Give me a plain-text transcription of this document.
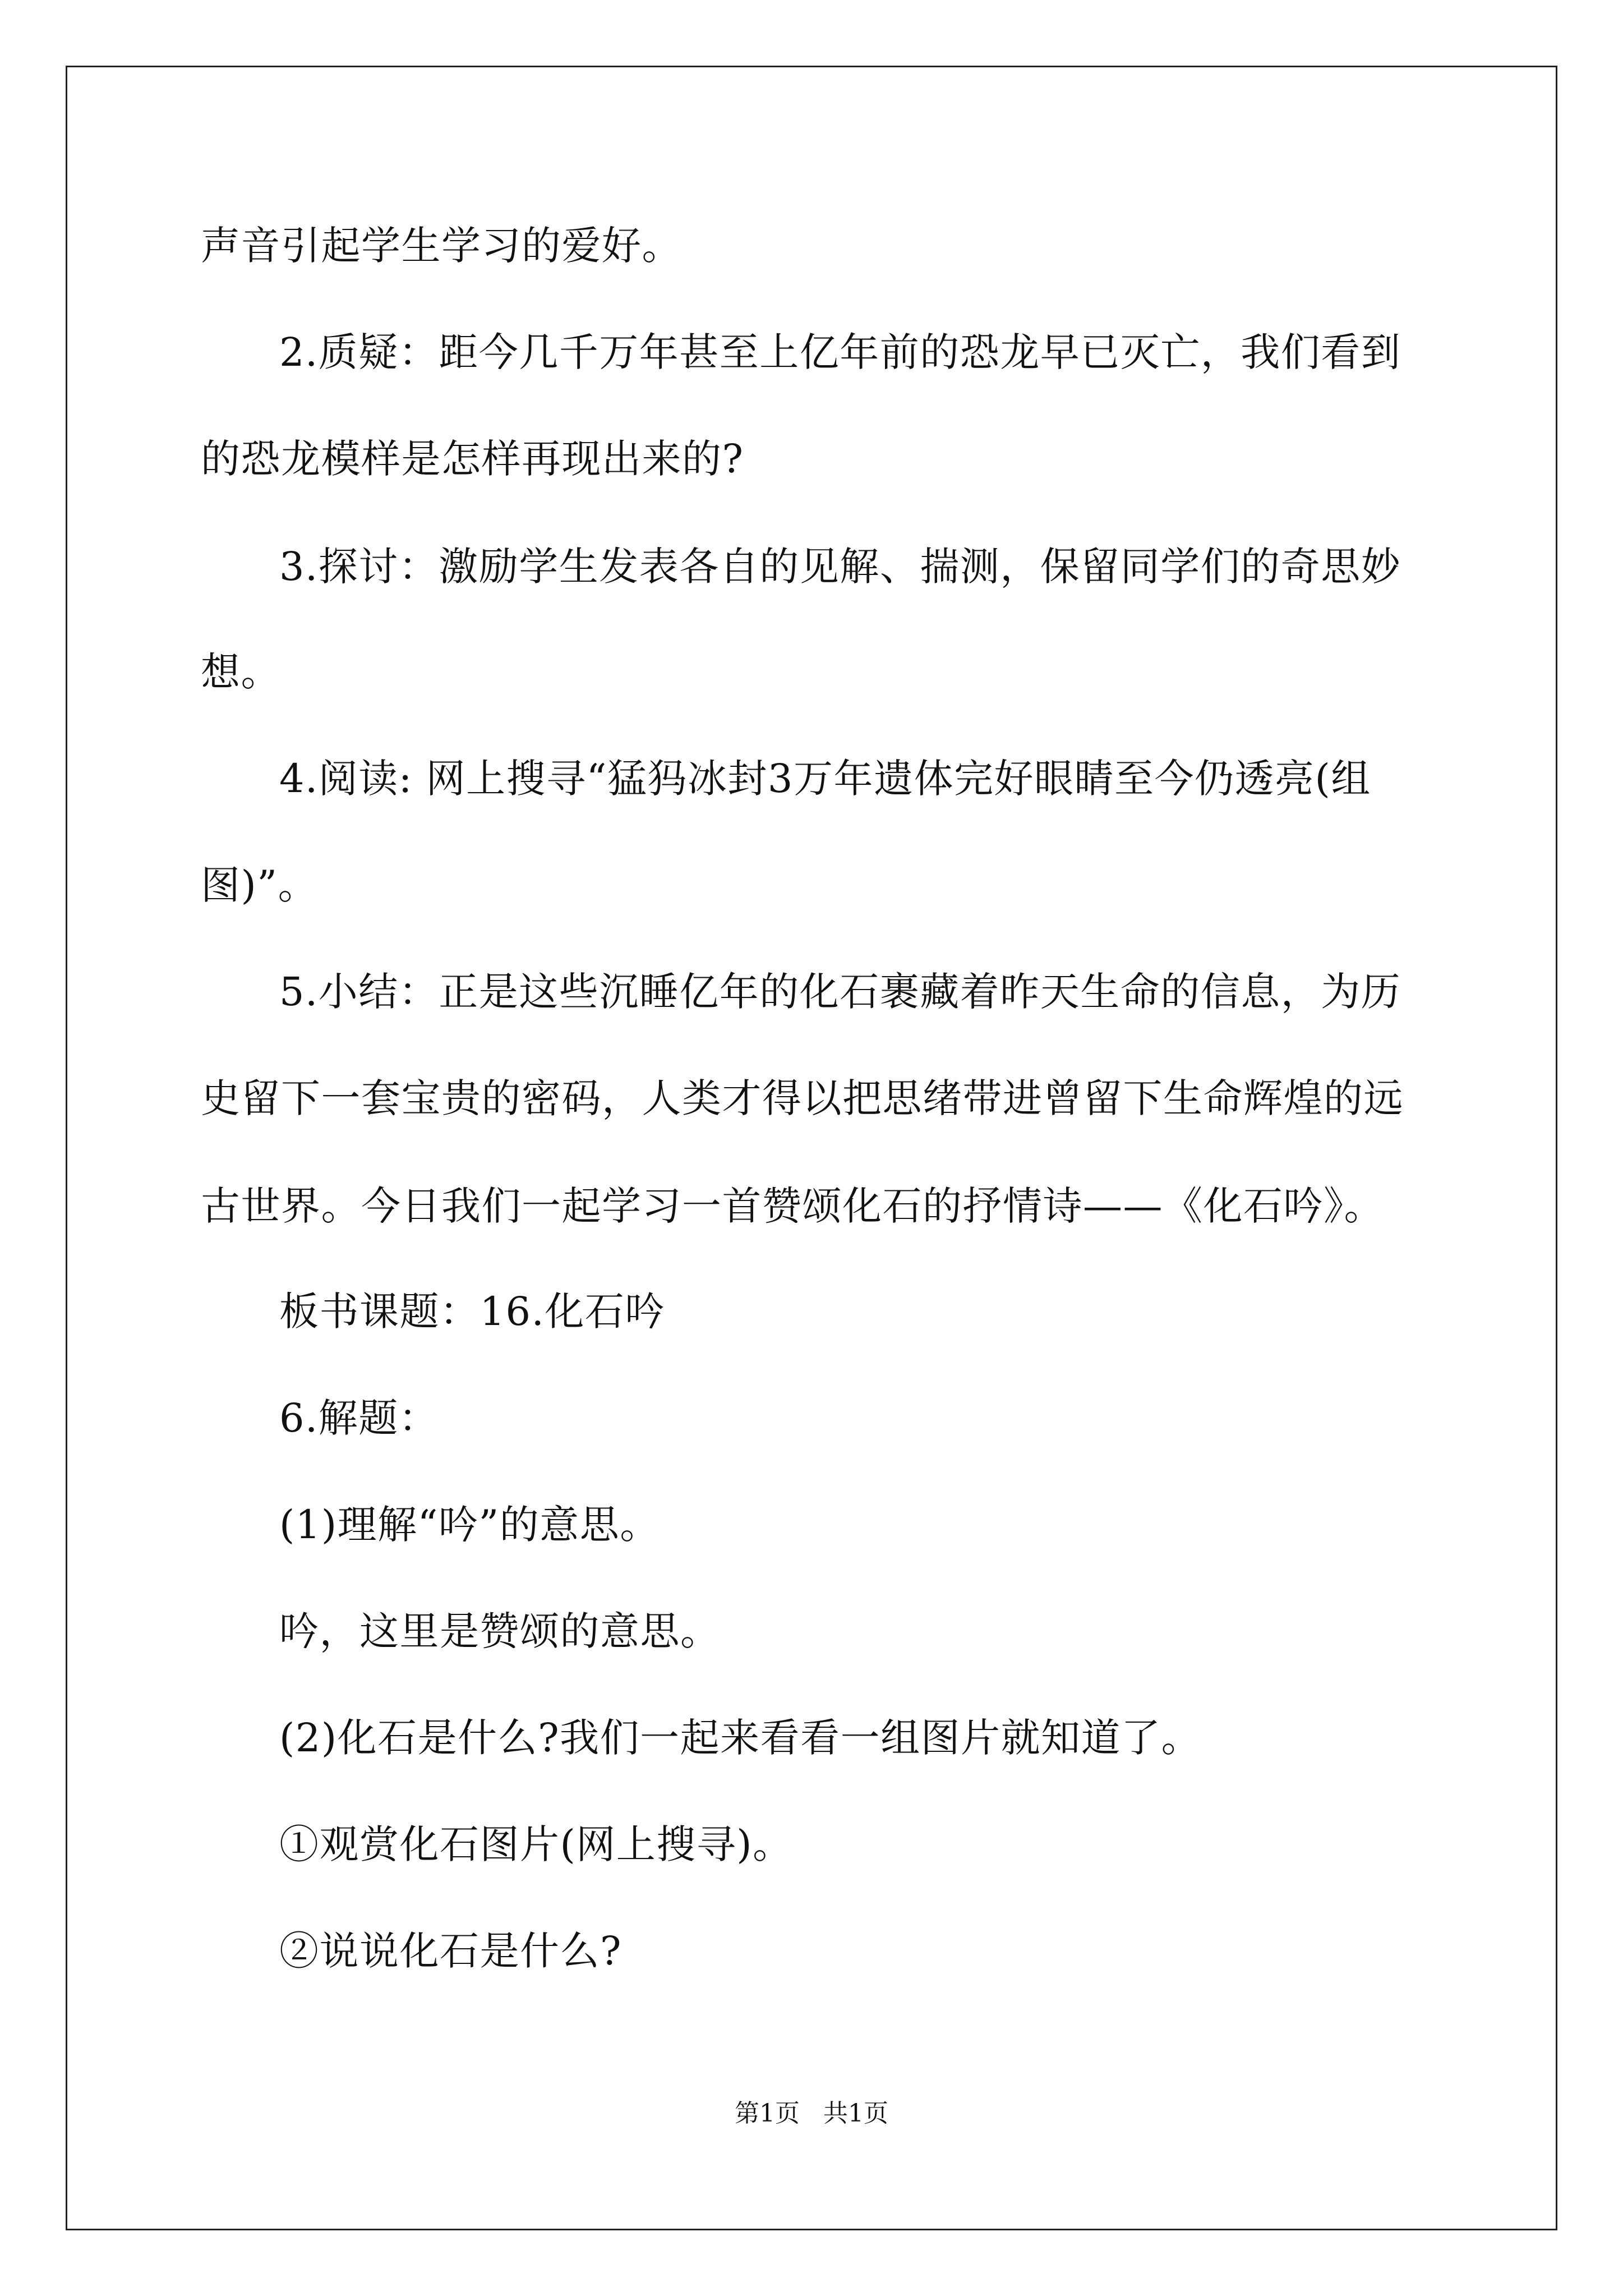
声音引起学生学习的爱好。
2.质疑：距今几千万年甚至上亿年前的恐龙早已灭亡，我们看到
的恐龙模样是怎样再现出来的?
3.探讨：激励学生发表各自的见解、揣测，保留同学们的奇思妙
想。
4.阅读: 网上搜寻“猛犸冰封3万年遗体完好眼睛至今仍透亮(组
图)”。
5.小结：正是这些沉睡亿年的化石裹藏着昨天生命的信息，为历
史留下一套宝贵的密码，人类才得以把思绪带进曾留下生命辉煌的远
古世界。今日我们一起学习一首赞颂化石的抒情诗——《化石吟》。
板书课题：16.化石吟
6.解题：
(1)理解“吟”的意思。
吟，这里是赞颂的意思。
(2)化石是什么?我们一起来看看一组图片就知道了。
①观赏化石图片(网上搜寻)。
②说说化石是什么?
第1页   共1页
